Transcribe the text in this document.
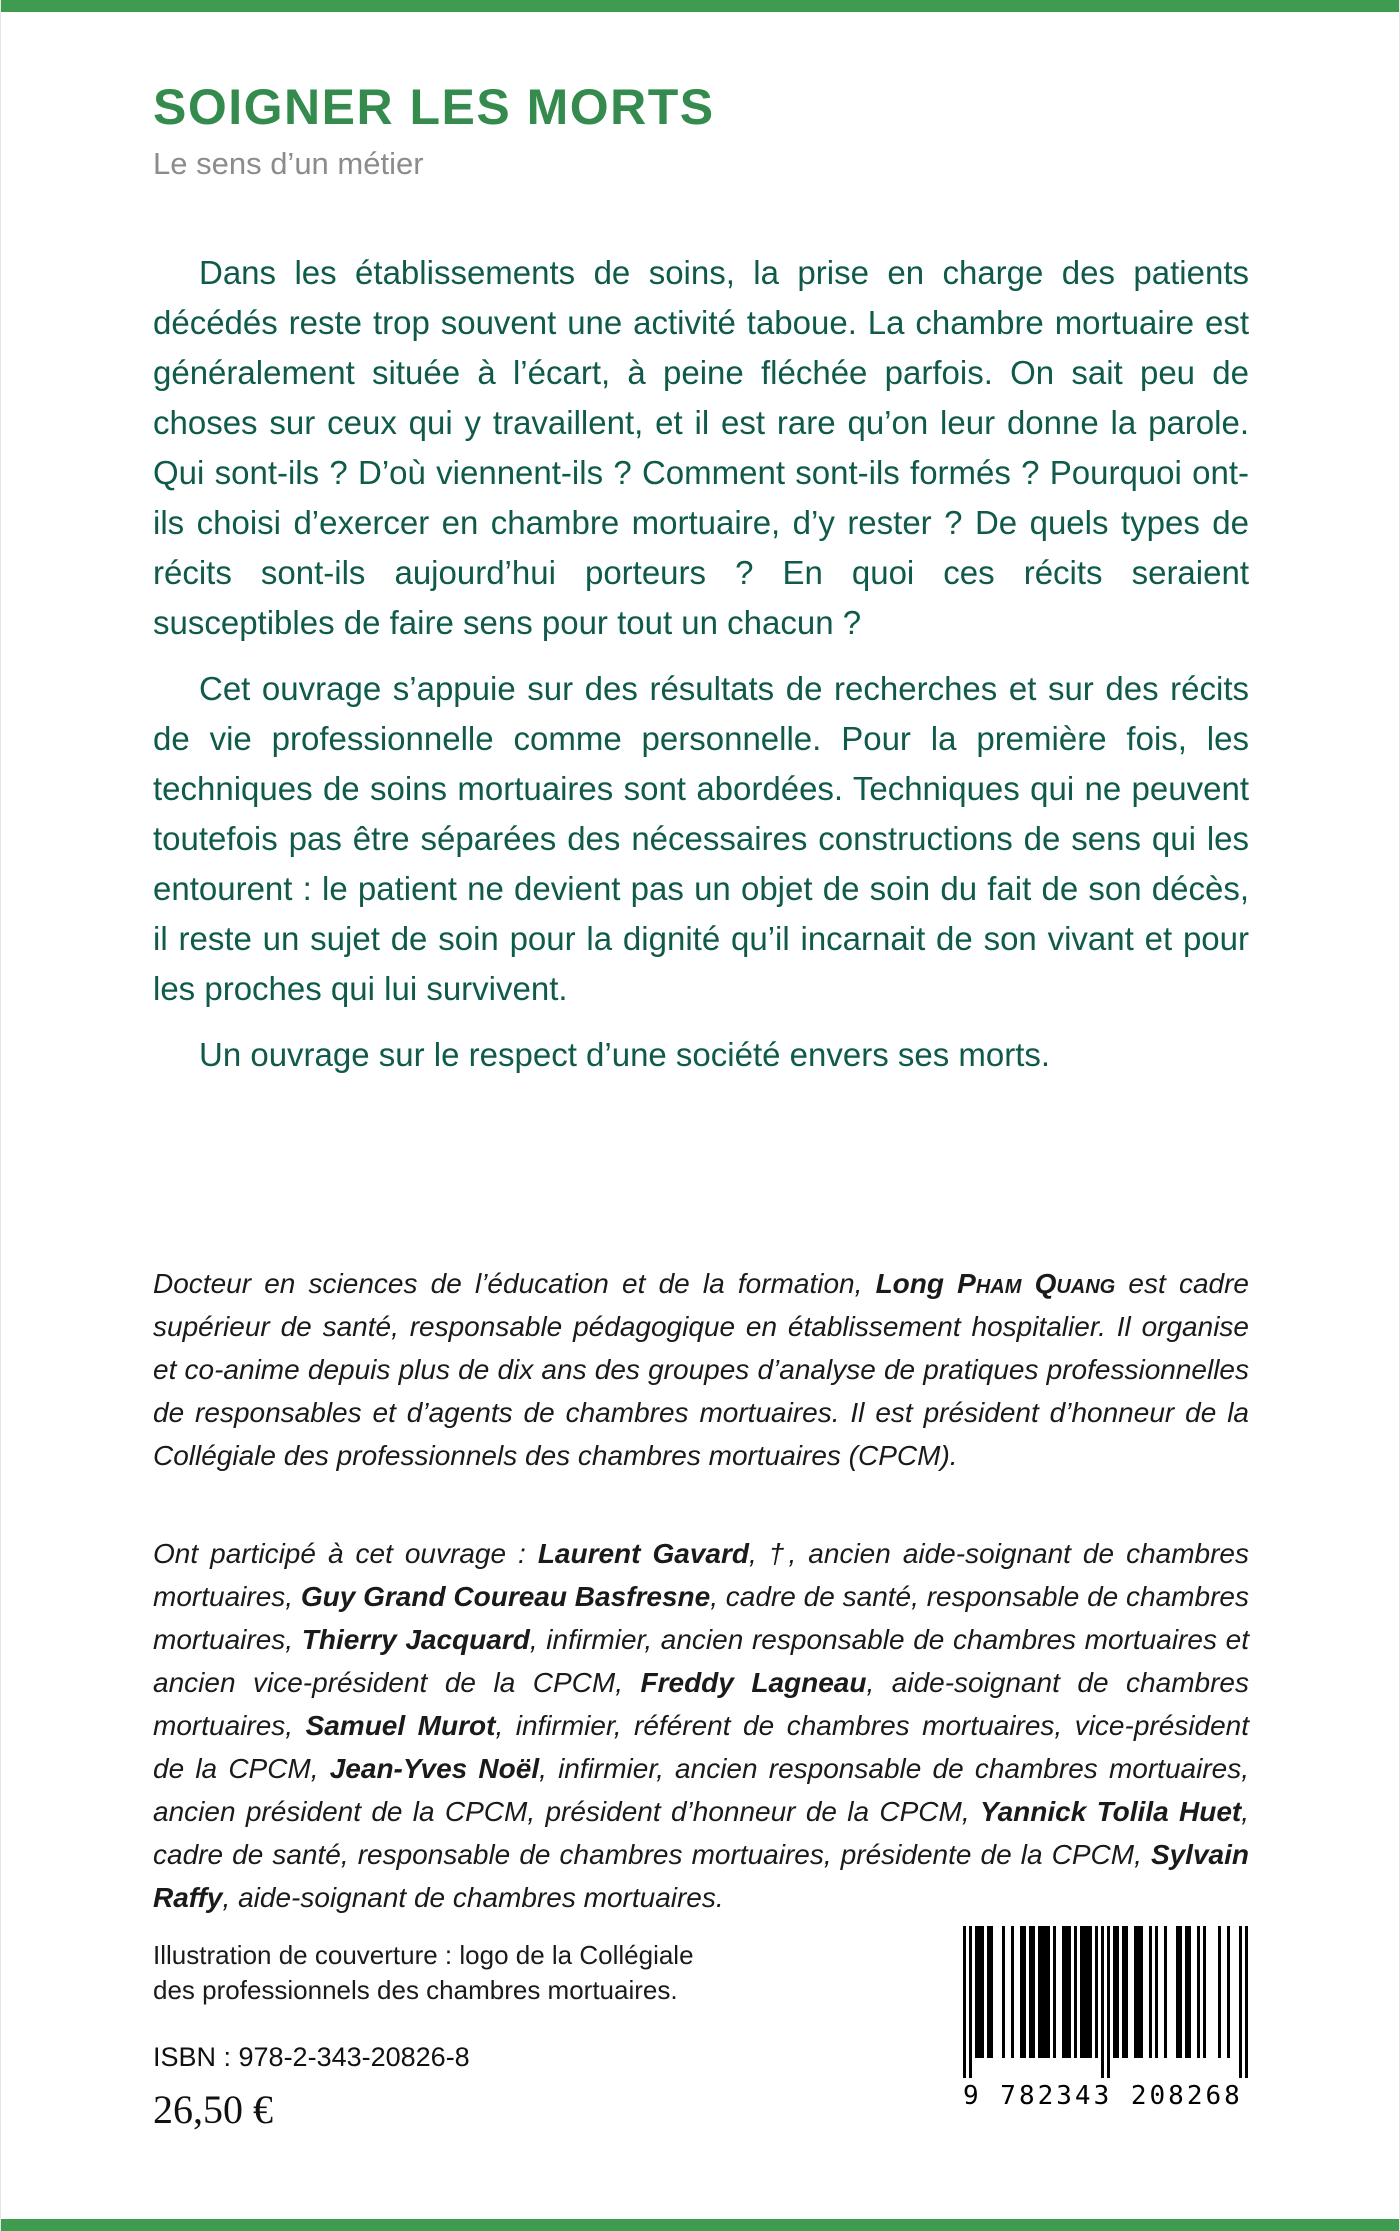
SOIGNER LES MORTS
Le sens d’un métier

Dans les établissements de soins, la prise en charge des patients décédés reste trop souvent une activité taboue. La chambre mortuaire est généralement située à l’écart, à peine fléchée parfois. On sait peu de choses sur ceux qui y travaillent, et il est rare qu’on leur donne la parole. Qui sont-ils ? D’où viennent-ils ? Comment sont-ils formés ? Pourquoi ont-ils choisi d’exercer en chambre mortuaire, d’y rester ? De quels types de récits sont-ils aujourd’hui porteurs ? En quoi ces récits seraient susceptibles de faire sens pour tout un chacun ?

Cet ouvrage s’appuie sur des résultats de recherches et sur des récits de vie professionnelle comme personnelle. Pour la première fois, les techniques de soins mortuaires sont abordées. Techniques qui ne peuvent toutefois pas être séparées des nécessaires constructions de sens qui les entourent : le patient ne devient pas un objet de soin du fait de son décès, il reste un sujet de soin pour la dignité qu’il incarnait de son vivant et pour les proches qui lui survivent.

Un ouvrage sur le respect d’une société envers ses morts.

Docteur en sciences de l’éducation et de la formation, Long Pham Quang est cadre supérieur de santé, responsable pédagogique en établissement hospitalier. Il organise et co-anime depuis plus de dix ans des groupes d’analyse de pratiques professionnelles de responsables et d’agents de chambres mortuaires. Il est président d’honneur de la Collégiale des professionnels des chambres mortuaires (CPCM).

Ont participé à cet ouvrage : Laurent Gavard, †, ancien aide-soignant de chambres mortuaires, Guy Grand Coureau Basfresne, cadre de santé, responsable de chambres mortuaires, Thierry Jacquard, infirmier, ancien responsable de chambres mortuaires et ancien vice-président de la CPCM, Freddy Lagneau, aide-soignant de chambres mortuaires, Samuel Murot, infirmier, référent de chambres mortuaires, vice-président de la CPCM, Jean-Yves Noël, infirmier, ancien responsable de chambres mortuaires, ancien président de la CPCM, président d’honneur de la CPCM, Yannick Tolila Huet, cadre de santé, responsable de chambres mortuaires, présidente de la CPCM, Sylvain Raffy, aide-soignant de chambres mortuaires.

Illustration de couverture : logo de la Collégiale
des professionnels des chambres mortuaires.
ISBN : 978-2-343-20826-8
26,50 €	9 782343 208268
